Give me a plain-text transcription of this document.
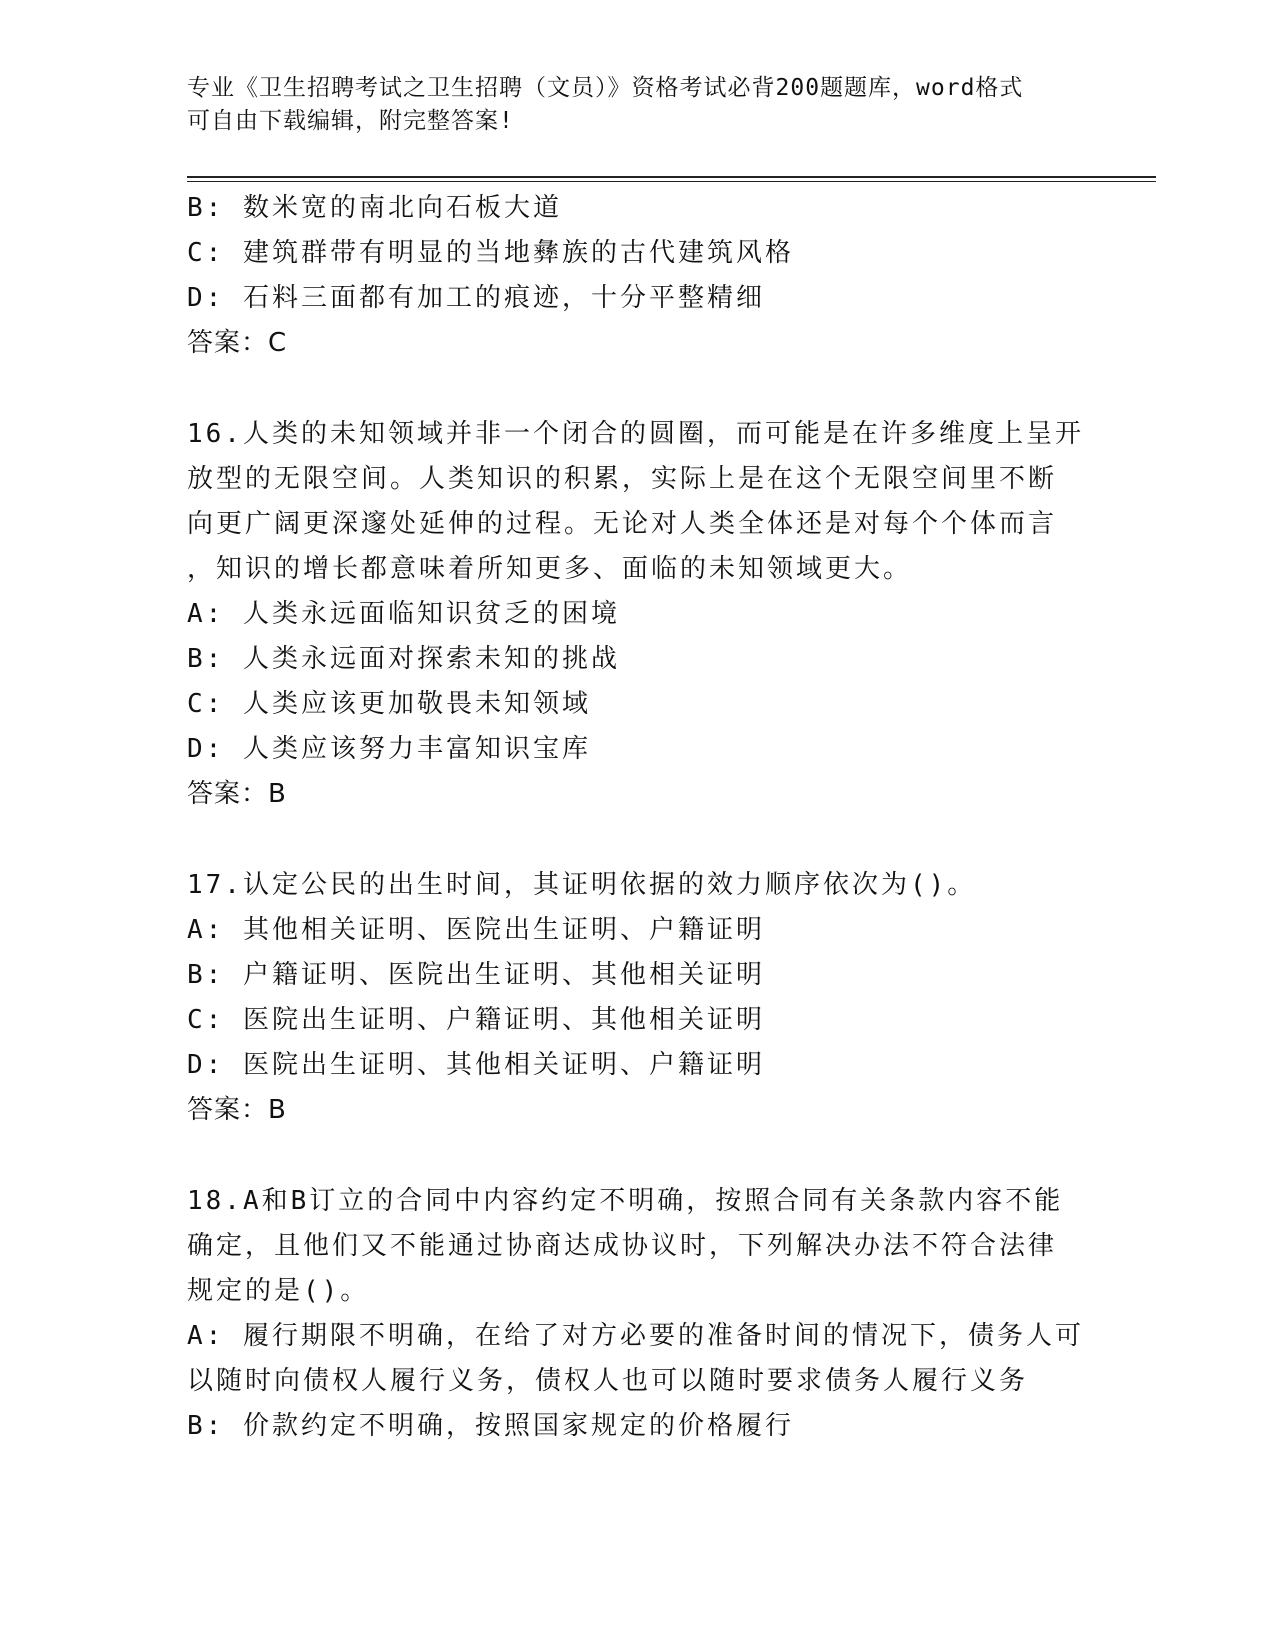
专业《卫生招聘考试之卫生招聘（文员）》资格考试必背200题题库，word格式
可自由下载编辑，附完整答案!
B: 数米宽的南北向石板大道
C: 建筑群带有明显的当地彝族的古代建筑风格
D: 石料三面都有加工的痕迹，十分平整精细
答案：C
16.人类的未知领域并非一个闭合的圆圈，而可能是在许多维度上呈开
放型的无限空间。人类知识的积累，实际上是在这个无限空间里不断
向更广阔更深邃处延伸的过程。无论对人类全体还是对每个个体而言
，知识的增长都意味着所知更多、面临的未知领域更大。
A: 人类永远面临知识贫乏的困境
B: 人类永远面对探索未知的挑战
C: 人类应该更加敬畏未知领域
D: 人类应该努力丰富知识宝库
答案：B
17.认定公民的出生时间，其证明依据的效力顺序依次为()。
A: 其他相关证明、医院出生证明、户籍证明
B: 户籍证明、医院出生证明、其他相关证明
C: 医院出生证明、户籍证明、其他相关证明
D: 医院出生证明、其他相关证明、户籍证明
答案：B
18.A和B订立的合同中内容约定不明确，按照合同有关条款内容不能
确定，且他们又不能通过协商达成协议时，下列解决办法不符合法律
规定的是()。
A: 履行期限不明确，在给了对方必要的准备时间的情况下，债务人可
以随时向债权人履行义务，债权人也可以随时要求债务人履行义务
B: 价款约定不明确，按照国家规定的价格履行
